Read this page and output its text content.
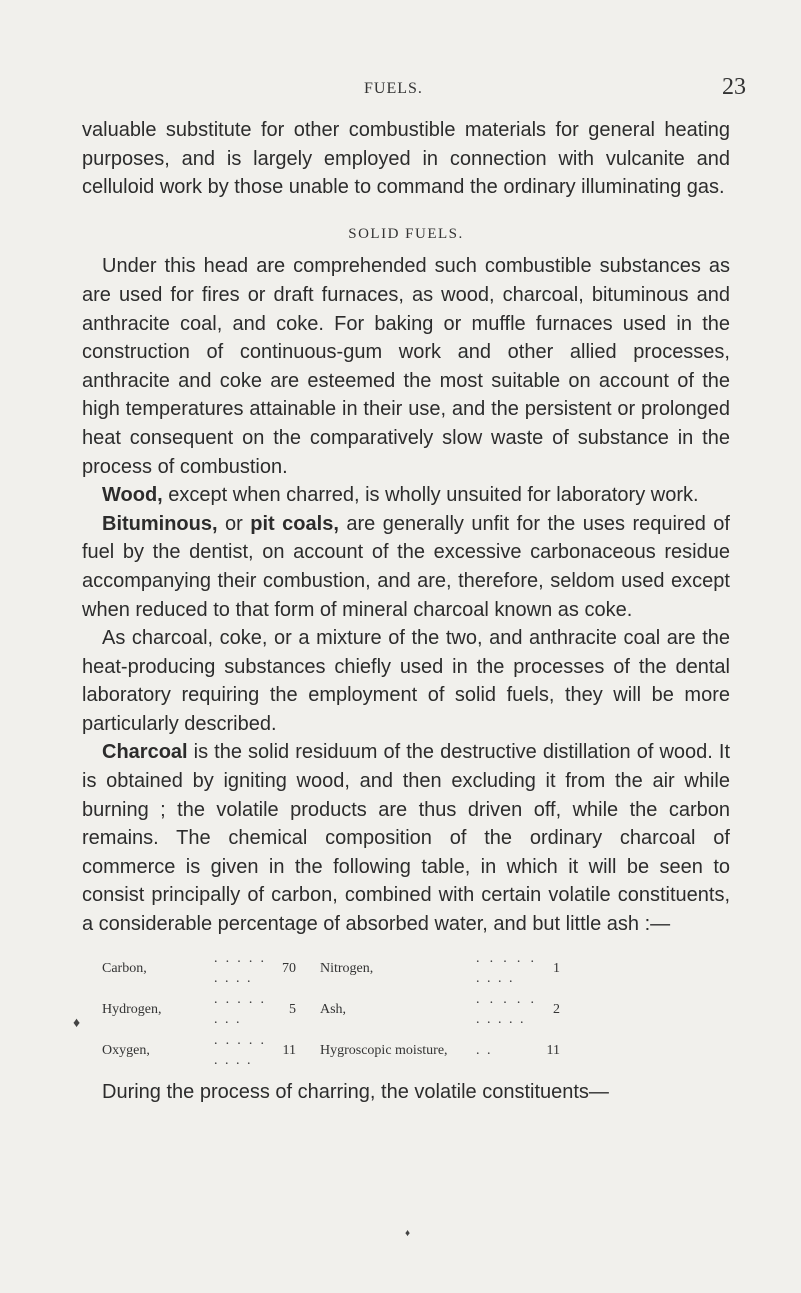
FUELS.	23

valuable substitute for other combustible materials for general heating purposes, and is largely employed in connection with vulcanite and celluloid work by those unable to command the ordinary illuminating gas.

SOLID FUELS.

Under this head are comprehended such combustible substances as are used for fires or draft furnaces, as wood, charcoal, bituminous and anthracite coal, and coke. For baking or muffle furnaces used in the construction of continuous-gum work and other allied processes, anthracite and coke are esteemed the most suitable on account of the high temperatures attainable in their use, and the persistent or prolonged heat consequent on the comparatively slow waste of substance in the process of combustion.

Wood, except when charred, is wholly unsuited for laboratory work.

Bituminous, or pit coals, are generally unfit for the uses required of fuel by the dentist, on account of the excessive carbonaceous residue accompanying their combustion, and are, therefore, seldom used except when reduced to that form of mineral charcoal known as coke.

As charcoal, coke, or a mixture of the two, and anthracite coal are the heat-producing substances chiefly used in the processes of the dental laboratory requiring the employment of solid fuels, they will be more particularly described.

Charcoal is the solid residuum of the destructive distillation of wood. It is obtained by igniting wood, and then excluding it from the air while burning ; the volatile products are thus driven off, while the carbon remains. The chemical composition of the ordinary charcoal of commerce is given in the following table, in which it will be seen to consist principally of carbon, combined with certain volatile constituents, a considerable percentage of absorbed water, and but little ash :—

Carbon,	. . . . . . . . .	70	Nitrogen,	. . . . . . . . .	1
Hydrogen,	. . . . . . . .	5	Ash,	. . . . . . . . . .	2
Oxygen,	. . . . . . . . .	11	Hygroscopic moisture,	. .	11

During the process of charring, the volatile constituents—

♦
♦
